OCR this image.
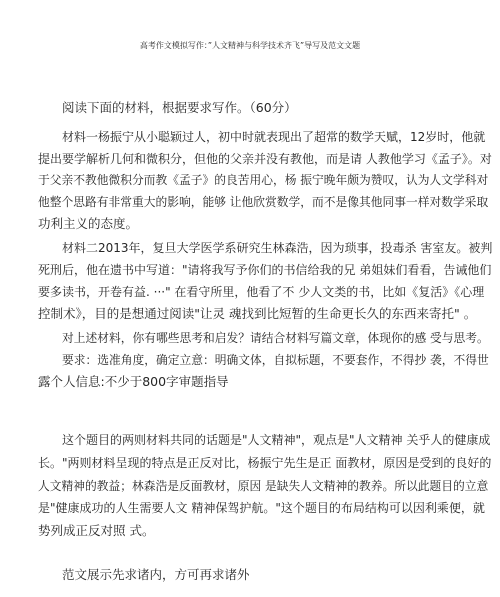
高考作文模拟写作：”人文精神与科学技术齐飞”导写及范文文题
阅读下面的材料，根据要求写作。（60分）
材料一杨振宁从小聪颖过人，初中时就表现出了超常的数学天赋，12岁时，他就
提出要学解析几何和微积分，但他的父亲并没有教他，而是请 人教他学习《孟子》。对
于父亲不教他微积分而教《孟子》的良苦用心，杨 振宁晚年颇为赞叹，认为人文学科对
他整个思路有非常重大的影响，能够 让他欣赏数学，而不是像其他同事一样对数学采取
功利主义的态度。
材料二2013年，复旦大学医学系研究生林森浩，因为琐事，投毒杀 害室友。被判
死刑后，他在遗书中写道："请将我写予你们的书信给我的兄 弟姐妹们看看，告诫他们
要多读书，开卷有益. ···" 在看守所里，他看了不 少人文类的书，比如《复活》《心理
控制术》，目的是想通过阅读"让灵 魂找到比短暂的生命更长久的东西来寄托" 。
对上述材料，你有哪些思考和启发？请结合材料写篇文章，体现你的感 受与思考。
要求：选准角度，确定立意：明确文体，自拟标题，不要套作，不得抄 袭，不得世
露个人信息:不少于800字审题指导
这个题目的两则材料共同的话题是"人文精神"，观点是"人文精神 关乎人的健康成
长。"两则材料呈现的特点是正反对比，杨振宁先生是正 面教材，原因是受到的良好的
人文精神的教益；林森浩是反面教材，原因 是缺失人文精神的教养。所以此题目的立意
是"健康成功的人生需要人文 精神保驾护航。"这个题目的布局结构可以因利乘便，就
势列成正反对照 式。
范文展示先求诸内，方可再求诸外
